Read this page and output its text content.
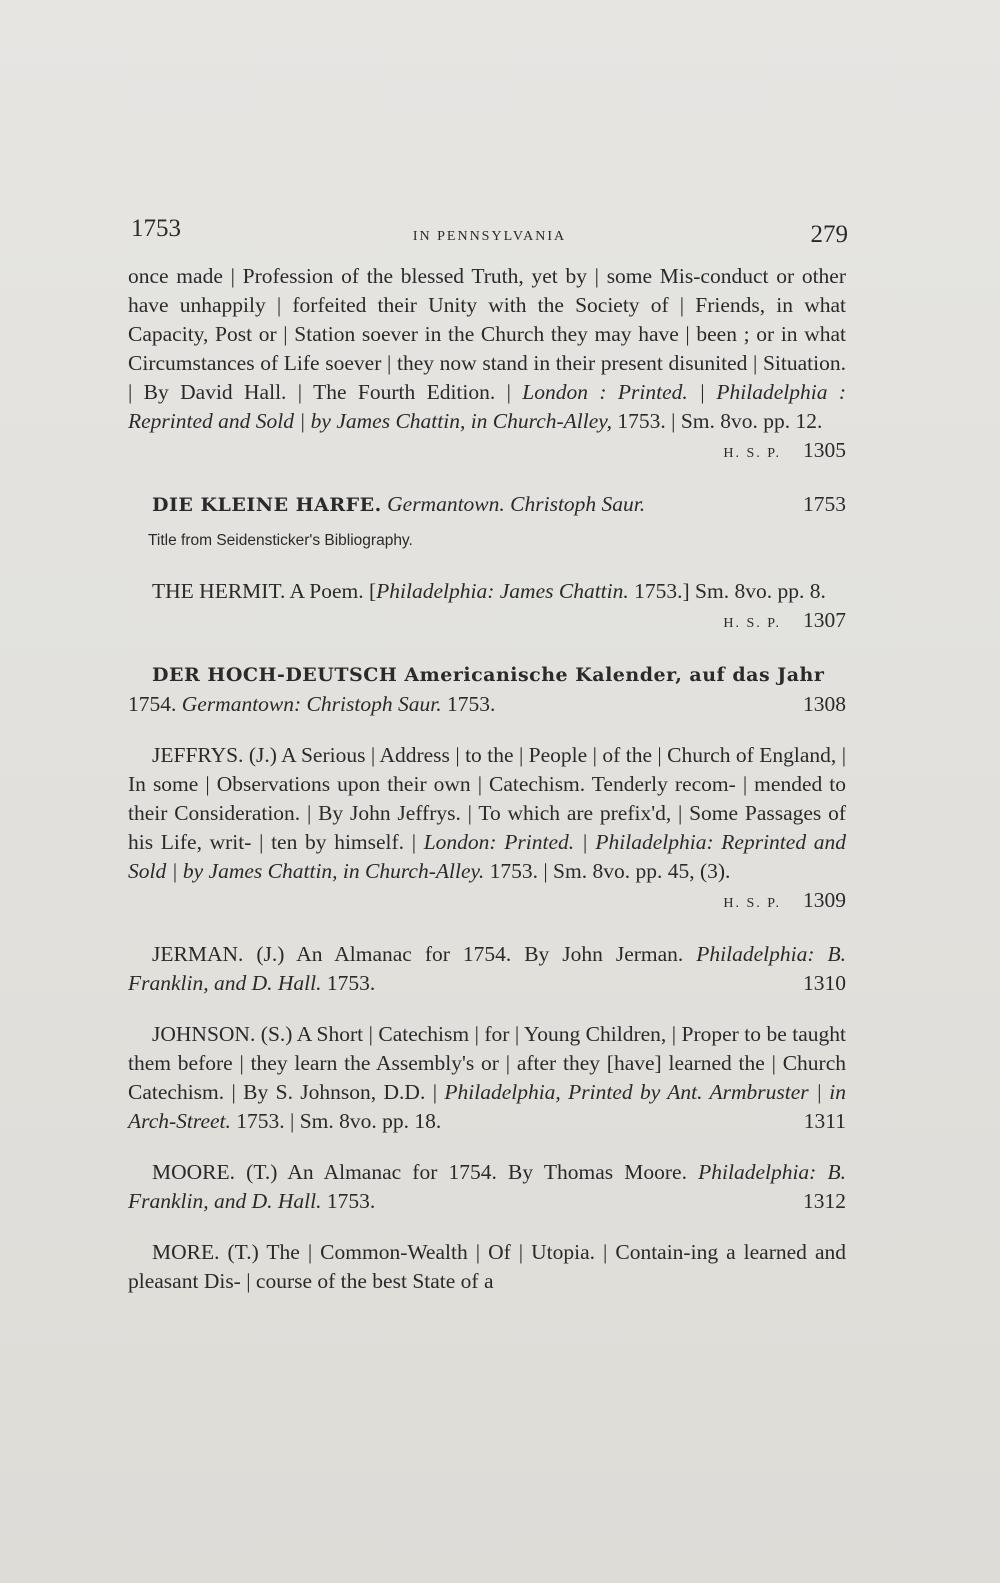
1753	IN PENNSYLVANIA	279

once made | Profession of the blessed Truth, yet by | some Mis-conduct or other have unhappily | forfeited their Unity with the Society of | Friends, in what Capacity, Post or | Station soever in the Church they may have | been ; or in what Circumstances of Life soever | they now stand in their present disunited | Situation. | By David Hall. | The Fourth Edition. | London : Printed. | Philadelphia : Reprinted and Sold | by James Chattin, in Church-Alley, 1753. | Sm. 8vo. pp. 12.
H. S. P. 1305

DIE KLEINE HARFE. Germantown. Christoph Saur.	1753
Title from Seidensticker's Bibliography.

THE HERMIT. A Poem. [Philadelphia: James Chattin. 1753.] Sm. 8vo. pp. 8.
H. S. P. 1307

DER HOCH-DEUTSCH Americanische Kalender, auf das Jahr

1754. Germantown: Christoph Saur. 1753.	1308

JEFFRYS. (J.) A Serious | Address | to the | People | of the | Church of England, | In some | Observations upon their own | Catechism. Tenderly recom- | mended to their Consideration. | By John Jeffrys. | To which are prefix'd, | Some Passages of his Life, writ- | ten by himself. | London: Printed. | Philadelphia: Reprinted and Sold | by James Chattin, in Church-Alley. 1753. | Sm. 8vo. pp. 45, (3).
H. S. P. 1309

JERMAN. (J.) An Almanac for 1754. By John Jerman. Philadelphia: B. Franklin, and D. Hall. 1753.	1310

JOHNSON. (S.) A Short | Catechism | for | Young Children, | Proper to be taught them before | they learn the Assembly's or | after they [have] learned the | Church Catechism. | By S. Johnson, D.D. | Philadelphia, Printed by Ant. Armbruster | in Arch-Street. 1753. | Sm. 8vo. pp. 18.	1311

MOORE. (T.) An Almanac for 1754. By Thomas Moore. Philadelphia: B. Franklin, and D. Hall. 1753.	1312

MORE. (T.) The | Common-Wealth | Of | Utopia. | Contain-ing a learned and pleasant Dis- | course of the best State of a
